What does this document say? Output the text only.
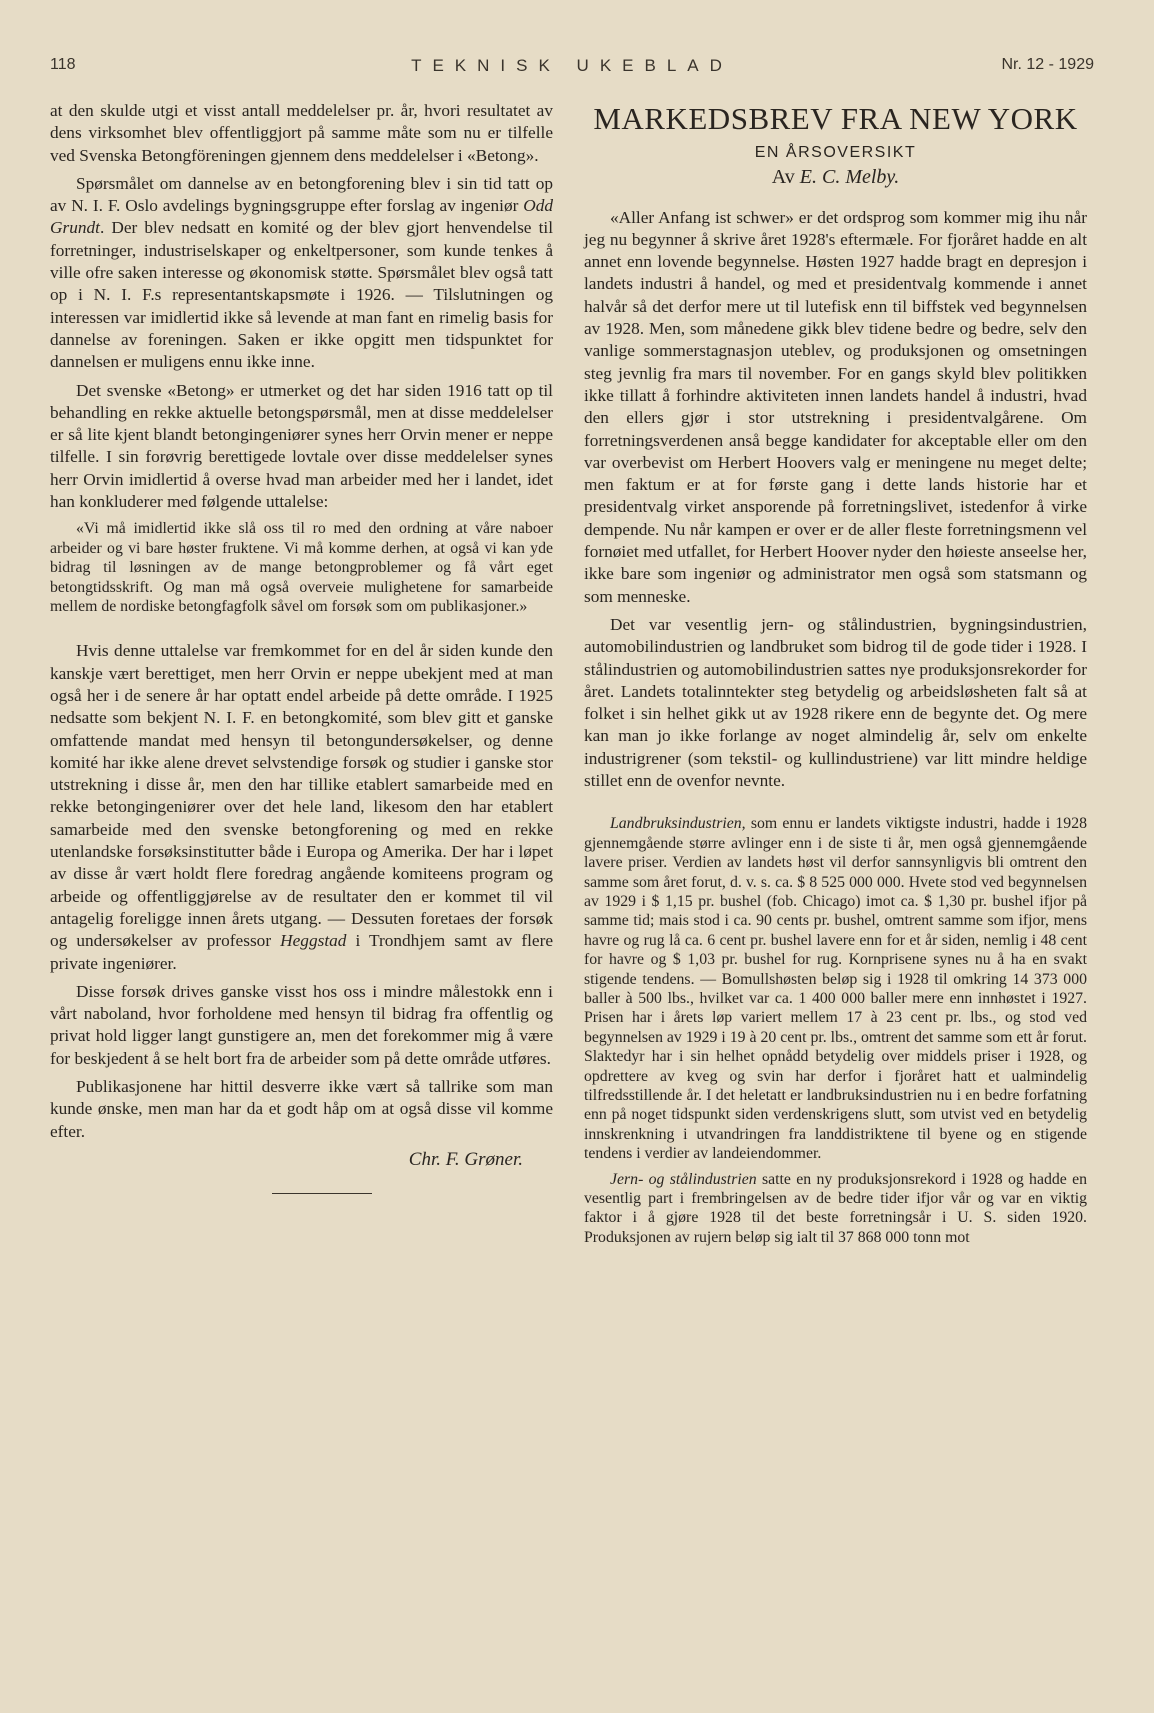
118	TEKNISK UKEBLAD	Nr. 12 - 1929

at den skulde utgi et visst antall meddelelser pr. år, hvori resultatet av dens virksomhet blev offentliggjort på samme måte som nu er tilfelle ved Svenska Betongföreningen gjennem dens meddelelser i «Betong».

Spørsmålet om dannelse av en betongforening blev i sin tid tatt op av N. I. F. Oslo avdelings bygningsgruppe efter forslag av ingeniør Odd Grundt. Der blev nedsatt en komité og der blev gjort henvendelse til forretninger, industriselskaper og enkeltpersoner, som kunde tenkes å ville ofre saken interesse og økonomisk støtte. Spørsmålet blev også tatt op i N. I. F.s representantskapsmøte i 1926. — Tilslutningen og interessen var imidlertid ikke så levende at man fant en rimelig basis for dannelse av foreningen. Saken er ikke opgitt men tidspunktet for dannelsen er muligens ennu ikke inne.

Det svenske «Betong» er utmerket og det har siden 1916 tatt op til behandling en rekke aktuelle betongspørsmål, men at disse meddelelser er så lite kjent blandt betongingeniører synes herr Orvin mener er neppe tilfelle. I sin forøvrig berettigede lovtale over disse meddelelser synes herr Orvin imidlertid å overse hvad man arbeider med her i landet, idet han konkluderer med følgende uttalelse:

«Vi må imidlertid ikke slå oss til ro med den ordning at våre naboer arbeider og vi bare høster fruktene. Vi må komme derhen, at også vi kan yde bidrag til løsningen av de mange betongproblemer og få vårt eget betongtidsskrift. Og man må også overveie mulighetene for samarbeide mellem de nordiske betongfagfolk såvel om forsøk som om publikasjoner.»

Hvis denne uttalelse var fremkommet for en del år siden kunde den kanskje vært berettiget, men herr Orvin er neppe ubekjent med at man også her i de senere år har optatt endel arbeide på dette område. I 1925 nedsatte som bekjent N. I. F. en betongkomité, som blev gitt et ganske omfattende mandat med hensyn til betongundersøkelser, og denne komité har ikke alene drevet selvstendige forsøk og studier i ganske stor utstrekning i disse år, men den har tillike etablert samarbeide med en rekke betongingeniører over det hele land, likesom den har etablert samarbeide med den svenske betongforening og med en rekke utenlandske forsøksinstitutter både i Europa og Amerika. Der har i løpet av disse år vært holdt flere foredrag angående komiteens program og arbeide og offentliggjørelse av de resultater den er kommet til vil antagelig foreligge innen årets utgang. — Dessuten foretaes der forsøk og undersøkelser av professor Heggstad i Trondhjem samt av flere private ingeniører.

Disse forsøk drives ganske visst hos oss i mindre målestokk enn i vårt naboland, hvor forholdene med hensyn til bidrag fra offentlig og privat hold ligger langt gunstigere an, men det forekommer mig å være for beskjedent å se helt bort fra de arbeider som på dette område utføres.

Publikasjonene har hittil desverre ikke vært så tallrike som man kunde ønske, men man har da et godt håp om at også disse vil komme efter.

Chr. F. Grøner.
MARKEDSBREV FRA NEW YORK
EN ÅRSOVERSIKT
Av E. C. Melby.

«Aller Anfang ist schwer» er det ordsprog som kommer mig ihu når jeg nu begynner å skrive året 1928's eftermæle. For fjoråret hadde en alt annet enn lovende begynnelse. Høsten 1927 hadde bragt en depresjon i landets industri å handel, og med et presidentvalg kommende i annet halvår så det derfor mere ut til lutefisk enn til biffstek ved begynnelsen av 1928. Men, som månedene gikk blev tidene bedre og bedre, selv den vanlige sommerstagnasjon uteblev, og produksjonen og omsetningen steg jevnlig fra mars til november. For en gangs skyld blev politikken ikke tillatt å forhindre aktiviteten innen landets handel å industri, hvad den ellers gjør i stor utstrekning i presidentvalgårene. Om forretningsverdenen anså begge kandidater for akceptable eller om den var overbevist om Herbert Hoovers valg er meningene nu meget delte; men faktum er at for første gang i dette lands historie har et presidentvalg virket ansporende på forretningslivet, istedenfor å virke dempende. Nu når kampen er over er de aller fleste forretningsmenn vel fornøiet med utfallet, for Herbert Hoover nyder den høieste anseelse her, ikke bare som ingeniør og administrator men også som statsmann og som menneske.

Det var vesentlig jern- og stålindustrien, bygningsindustrien, automobilindustrien og landbruket som bidrog til de gode tider i 1928. I stålindustrien og automobilindustrien sattes nye produksjonsrekorder for året. Landets totalinntekter steg betydelig og arbeidsløsheten falt så at folket i sin helhet gikk ut av 1928 rikere enn de begynte det. Og mere kan man jo ikke forlange av noget almindelig år, selv om enkelte industrigrener (som tekstil- og kullindustriene) var litt mindre heldige stillet enn de ovenfor nevnte.

Landbruksindustrien, som ennu er landets viktigste industri, hadde i 1928 gjennemgående større avlinger enn i de siste ti år, men også gjennemgående lavere priser. Verdien av landets høst vil derfor sannsynligvis bli omtrent den samme som året forut, d. v. s. ca. $ 8 525 000 000. Hvete stod ved begynnelsen av 1929 i $ 1,15 pr. bushel (fob. Chicago) imot ca. $ 1,30 pr. bushel ifjor på samme tid; mais stod i ca. 90 cents pr. bushel, omtrent samme som ifjor, mens havre og rug lå ca. 6 cent pr. bushel lavere enn for et år siden, nemlig i 48 cent for havre og $ 1,03 pr. bushel for rug. Kornprisene synes nu å ha en svakt stigende tendens. — Bomullshøsten beløp sig i 1928 til omkring 14 373 000 baller à 500 lbs., hvilket var ca. 1 400 000 baller mere enn innhøstet i 1927. Prisen har i årets løp variert mellem 17 à 23 cent pr. lbs., og stod ved begynnelsen av 1929 i 19 à 20 cent pr. lbs., omtrent det samme som ett år forut. Slaktedyr har i sin helhet opnådd betydelig over middels priser i 1928, og opdrettere av kveg og svin har derfor i fjoråret hatt et ualmindelig tilfredsstillende år. I det heletatt er landbruksindustrien nu i en bedre forfatning enn på noget tidspunkt siden verdenskrigens slutt, som utvist ved en betydelig innskrenkning i utvandringen fra landdistriktene til byene og en stigende tendens i verdier av landeiendommer.

Jern- og stålindustrien satte en ny produksjonsrekord i 1928 og hadde en vesentlig part i frembringelsen av de bedre tider ifjor vår og var en viktig faktor i å gjøre 1928 til det beste forretningsår i U. S. siden 1920. Produksjonen av rujern beløp sig ialt til 37 868 000 tonn mot
